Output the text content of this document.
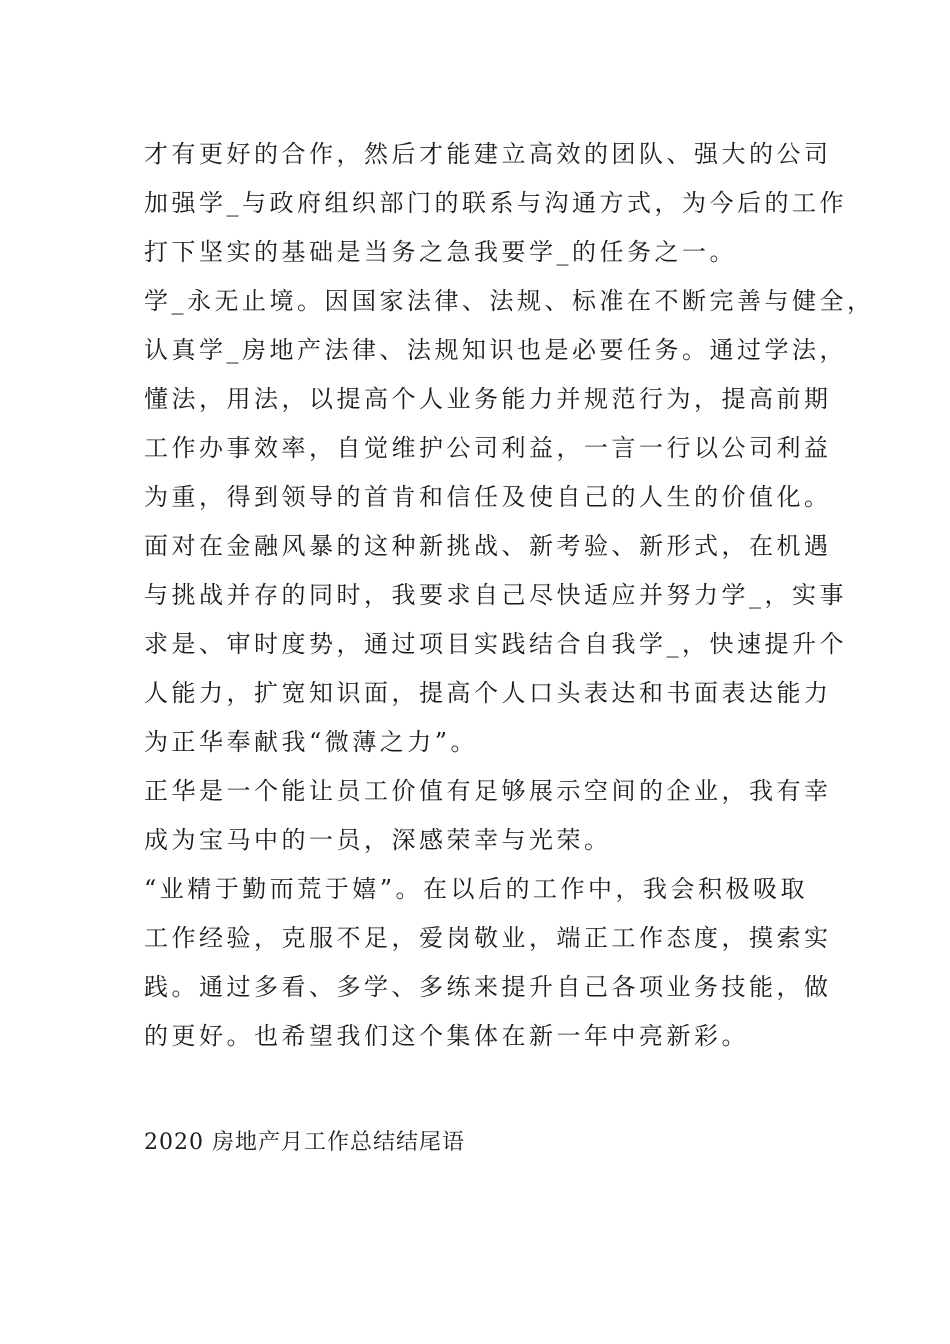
才有更好的合作，然后才能建立高效的团队、强大的公司
加强学_与政府组织部门的联系与沟通方式，为今后的工作
打下坚实的基础是当务之急我要学_的任务之一。
学_永无止境。因国家法律、法规、标准在不断完善与健全，
认真学_房地产法律、法规知识也是必要任务。通过学法，
懂法，用法，以提高个人业务能力并规范行为，提高前期
工作办事效率，自觉维护公司利益，一言一行以公司利益
为重，得到领导的首肯和信任及使自己的人生的价值化。
面对在金融风暴的这种新挑战、新考验、新形式，在机遇
与挑战并存的同时，我要求自己尽快适应并努力学_，实事
求是、审时度势，通过项目实践结合自我学_，快速提升个
人能力，扩宽知识面，提高个人口头表达和书面表达能力
为正华奉献我“微薄之力”。
正华是一个能让员工价值有足够展示空间的企业，我有幸
成为宝马中的一员，深感荣幸与光荣。
“业精于勤而荒于嬉”。在以后的工作中，我会积极吸取
工作经验，克服不足，爱岗敬业，端正工作态度，摸索实
践。通过多看、多学、多练来提升自己各项业务技能，做
的更好。也希望我们这个集体在新一年中亮新彩。
2020 房地产月工作总结结尾语
